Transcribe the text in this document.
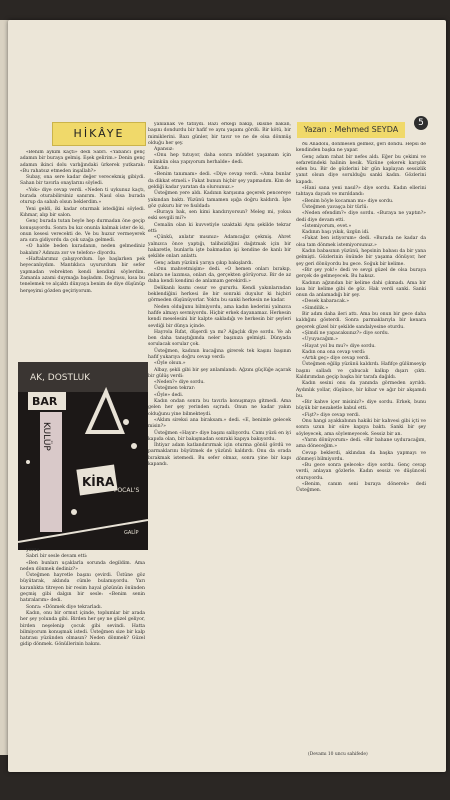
HİKÂYE	Yazan : Mehmed SEYDA
5

«Benim aykım kaçtı» dedi Sabri. «Yabancı genç adamın bir buraya gelmiş. Eşek gelirim.» Denin genç adamın ikinci dolu varlığındaki ürkerek yutkarak: «Bu rahatsız etmeden inşallah?»

Subay, ona sere kadar değer verecekmiş gibiydi. Sahan bir tavırla onaylarını söyledi.

«Yok» diye cevap verdi. «Neden ti uykunuz kaçtı, burada oturabilirsiniz sanırım. Nasıl olsa burada oturup da sabah olsun beklerdim.»

Yeni geldi, iki kadar oturmak istediğini söyledi. Kıhmar, alıp bir salon.

Genç burada tutan beyle hep durmadan öne geçip konuşuyordu. Sonra bu kız onunla kalmak ister de ki, onun kesesi verecekti de. Ve bu huzur vermeyerek ara sıra gidiyordu da çok uzağa gelmedi.

«O halde beden kuradanın, neden gelmediniz bakalım? Adınıza zor ve telefon» diyordu.

«Haftalarımız çalışıyordum. İşe başlarken pek heyecanlıydım. Mantıklıca uyururdum bir sefer yapmadan vebrekten kendi kendimi söylerdim. Zamanla azami duymağa başladım. Doğrusu, kısa bu tenelemek ve alçaktı dünyaya benim de diye düşünüp herşeyimi gözden geçiriyorum.

AK, DOSTLUK
BAR
KULÜP
KİRA
FOCAL'S
GALİP

yordu.

Sabri bir sesle devam etti:

«Ben bunları uçaklarla sorunda degildim. Ama neden dönmek dediniz?»

Üsteğmen hayretle başını çevirdi. Üstüne göz büyütarak, aklında cümle bulamıyordu. Yarı karanlıkta titreyen bir resim hayal gözünün önünden geçmiş gibi dalgın bir sesle: «Benim senin hatıralarım» dedi.

Sonra: «Dönmek diye tekrarladı.

Kadın, onu bir ormut içinde, toplumlar bir arada her şey yolunda gibi. Birden her şey ne güzel geliyor, birden neşelenip çocuk gibi sevindi. Hatta bilmiyorum konuşmak istedi. Üsteğmen size bir kalp hatırası yüzünden olmasın? Neden dönmek? Güzel gidip dönmek. Gönüllerinin bakını.

yanlanak ve tatlıydı. Bazı erkeği bakıp, ikisine bakan, başını dondurdu bir hafif ve aynı yaşamı gördü. Bir kötü, bir mimiklerini. Bazı günler, bir tavır ve ne de olsa dönmüş olduğu her şey.

Apansız:

«Onu hep tutuyor, daha sonra müddet yaşamam için mümkün olsa yapıyorum herhalde» dedi.

Kadın:

«Benim tanımam» dedi. «Diye cevap verdi. «Ama bunlar da dikkat etmeli.» Fakat bunun hiçbir şey yapmadım. Kim de geldiği kadar yaratan da olursunuz.»

Üsteğmen yere aldı. Kadının karşısına geçerek pencereye yakından baktı. Yüzünü tamamen ışığa doğru kaldırdı. İşte göz çukuru bir ve fısıldadı:

«Buraya bak, sen kimi kandırıyorsun? Meleg mi, yoksa eski sevgili mi?»

Cemalin olan ki kuvvetiyle uzaktaki Aynı şekilde tekrar etti:

«Çünkü, anlatır mısınız» Adamcağız çekmiş. Ahret yalnızca önce yaptığı, talihsizliğini dağıtmak için bir hakaretle, bunlarla işte bakmadan işi kendine de kanlı bir şekilde onları anlattı.

Genç adam yüzünü yarıya çıkıp bakışlardı.

«Onu mahvetmişim» dedi. «O hemen onları bırakıp, onlara ne lazımsa, onları da, gerçekten görüyoruz. Bir de az daha kendi kendimi de anlamam gerekirdi.»

Delikanlı kısmı cesur ve gururlu. Kendi yakınlarından beklendiğini herkesi ile bir sonraki duyulur ki hiçbiri görmeden düşünüyorlar. Yoktu bu sanki herkesin ne kadar.

Neden olduğunu bilmiyordu, ama kadın kederini yalnızca hafife almayı sevmiyordu. Hiçbir erkek dayanamaz. Herkesin kendi meselesini bir kalpte sakladığı ve herkesin bir şeyleri sevdiği bir dünya içinde.

Hayrola Rıfat, düşerdi ya mı? Ağaçlık diye sordu. Ve ah ben daha tanıştığımda neler başınıza gelmişti. Dünyada sorulacak sorular çok.

Üsteğmen, kadının kucağına girerek tek kaşını başının hafif yukarıya doğru cevap verdi:

«Öyle olsun.»

Albay, şekli gibi bir şey anlamlandı. Ağzını güçlüğe açarak bir gülüş verdi:

«Neden?» diye sordu.

Üsteğmen tekrar:

«Öyle» dedi.

Kadın ondan sonra bu tavırla konuşmaya gitmedi. Ama gelen her şey yerinden sıçradı. Onun ne kadar yakın olduğunu yine bilmekteydi.

«Aklım sireksi ana biraksam.» dedi. «E, benimle gelecek misin?»

Üsteğmen «Hayır» diye başını sallıyordu. Camı yüzü en iyi kapıda olan, bir bakışmadan sonraki kapıya bakıyordu.

İhtiyar adam katlandırırmak için oturma gönül gördü ve parmaklarını büyütmek de yüzünü kaldırdı. Onu da orada bırakmak istemedi. Bu sefer olmaz, sonra yine bir kapı kapandı.

ðu Anadolu, dönmesen gelmez, geri döndü. Hepsi de kendinden başka ne yapar.

Genç adam rahat bir nefes aldı. Eğer bu çekimi ve sefaretindeki halinin kesik. Yüzüne çekerek karşılık eden bu. Bir de gözlerini bir gün kaplayan sessizlik yanıt olsun diye sorulduğu sanki kadın. Gözlerini kapadı.

«Hani sana yeni nasıl?» diye sordu. Kadın ellerini tahtaya dayadı ve mırıldandı:

«Benim böyle kocaman mı» diye sordu.

Üsteğmen yavaşça bir türlü:

«Neden efendim?» diye sordu. «Buraya ne yaptın?» dedi diye devam etti.

«Istemiyorum, evet.»

Kadının başı yıkık, üzgün idi.

«Fakat ben istiyorum» dedi. «Burada ne kadar da olsa tam dönmek istemiyorsunuz.»

Kadın babasının yüzünü, hepsinin babası da bir yana gelmişti. Gözlerinin önünde bir yaşama dönüyor, her şey geri dönüyordu bu gece. Soğuk bir kelime.

«Bir şey yok!» dedi ve sevgi güzel de olsa buraya gerçek de gelmeyecek. Bu haksız.

Kadının ağzından bir kelime dahi çıkmadı. Ama bir kısa bir kelime gibi de göz. Hak verdi sanki. Sanki onun da anlamadığı bir şey.

«Desek kabaracak.»

«Simdilik.»

Bir adım daha ileri attı. Ama bu onun bir gece daha kaldığını gösterdi. Sonra parmaklarıyla bir kenara geçerek güzel bir şekilde sandalyesine oturdu.

«Şimdi ne yapacaksınız?» diye sordu.

«Uyuyacağım.»

«Hayat yol bu mu?» diye sordu.

Kadın ona ona cevap verdi:

«Artık geç» diye cevap verdi.

Üsteğmen eğilip yüzünü kaldırdı. Hafifçe gülümseyip başını salladı ve çabucak kalkıp dışarı çıktı. Kaldırımdan geçip başka bir tarafa dağıldı.

Kadın sesini onu da yanında görmeden ayrıldı. Aydınlık yollar, düşünce, bir kibar ve ağır bir akşamdı bu.

«Bir kahve içer misiniz?» diye sordu. Erkek, bunu büyük bir nezaketle kabul etti.

«Fişt?» diye cevap verdi.

Onu hangi ayakkabının hakiki bir kahvesi gibi içti ve sonra uzun bir süre kapıya baktı. Sanki bir şey söyleyecek, ama söylemeyecek. Sessiz bir an.

«Yarın dönüyorum» dedi. «Bir bahane uyduracağım, ama döneceğim.»

Cevap beklerdi, aklından da başka yapmayı ve dönmeyi bilmiyordu.

«Bu gece sonra gelecek» diye sordu. Genç cevap verdi, anlayan gözlerle. Kadın sessiz ve düşünceli oturuyordu.

«Benim, canım seni buraya dönerek» dedi Üsteğmen.

(Devamı 10 uncu sahifede)
